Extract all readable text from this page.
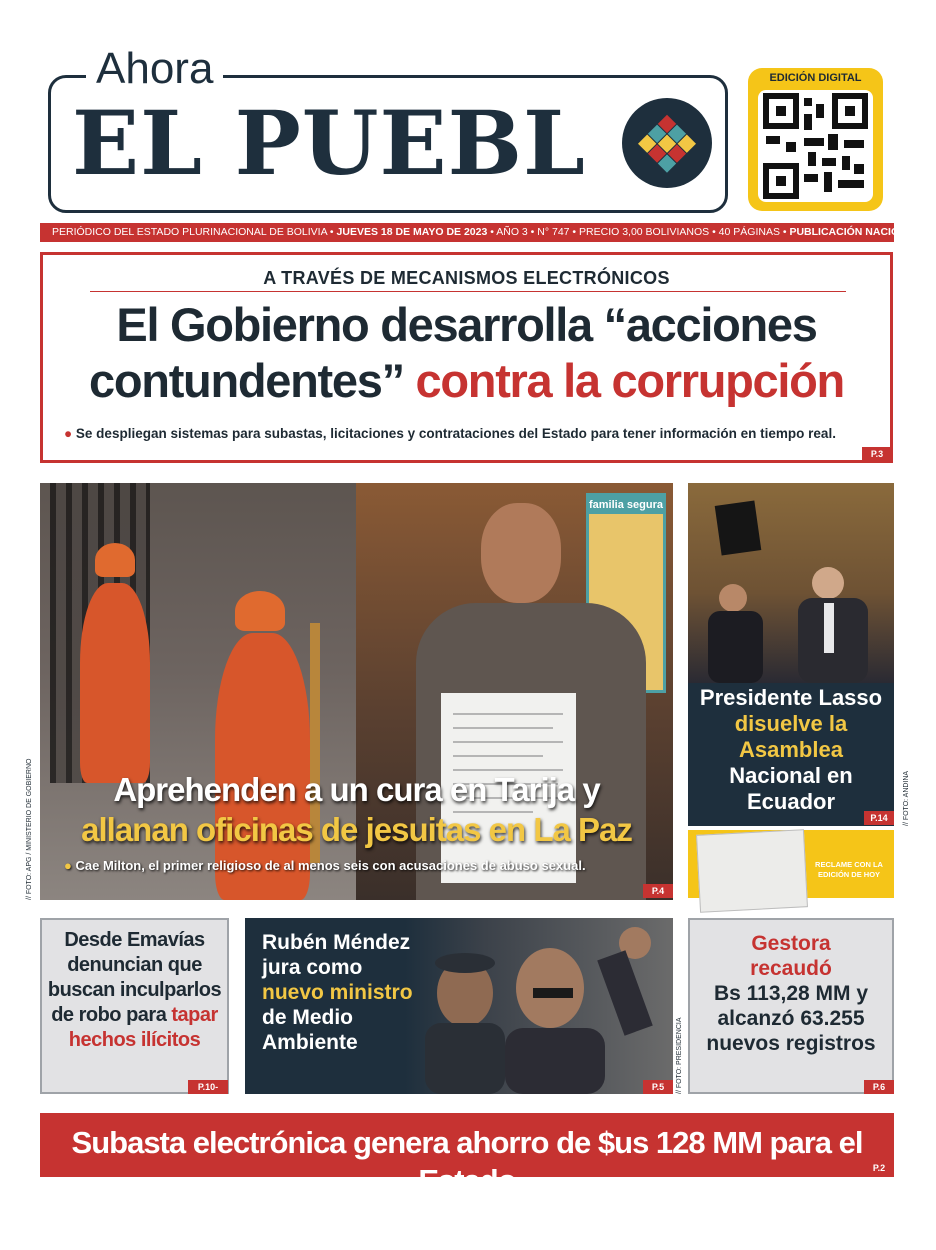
Ahora
EL PUEBL
EDICIÓN DIGITAL
PERIÓDICO DEL ESTADO PLURINACIONAL DE BOLIVIA • JUEVES 18 DE MAYO DE 2023 • AÑO 3 • N° 747 • PRECIO 3,00 BOLIVIANOS • 40 PÁGINAS • PUBLICACIÓN NACIONAL
A TRAVÉS DE MECANISMOS ELECTRÓNICOS
El Gobierno desarrolla “acciones contundentes” contra la corrupción
● Se despliegan sistemas para subastas, licitaciones y contrataciones del Estado para tener información en tiempo real.
P.3
familia segura
Aprehenden a un cura en Tarija y
allanan oficinas de jesuitas en La Paz
● Cae Milton, el primer religioso de al menos seis con acusaciones de abuso sexual.
P.4
// FOTO: APG / MINISTERIO DE GOBIERNO
Presidente Lasso
disuelve la Asamblea
Nacional en Ecuador
P.14	// FOTO: ANDINA
RECLAME CON LA EDICIÓN DE HOY
Desde Emavías denuncian que buscan inculparlos de robo para tapar hechos ilícitos
P.10-11
Rubén Méndez jura como nuevo ministro de Medio Ambiente
P.5	// FOTO: PRESIDENCIA
Gestora recaudó
Bs 113,28 MM y alcanzó 63.255 nuevos registros
P.6
Subasta electrónica genera ahorro de $us 128 MM para el Estado	P.2
